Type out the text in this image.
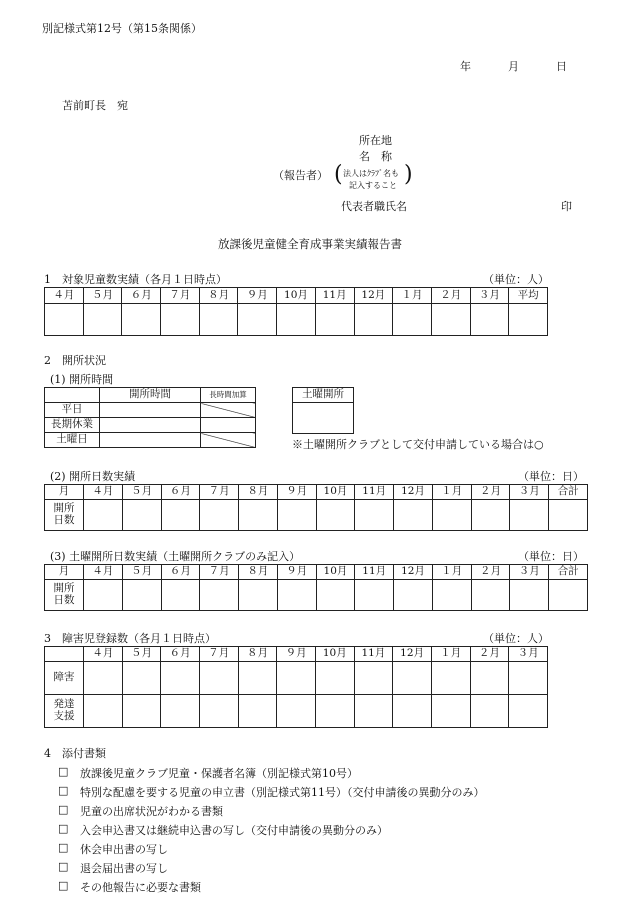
別記様式第12号（第15条関係）
年	月	日
苫前町長　宛
所在地
名　称
（報告者） ( 法人はｸﾗﾌﾞ名も
記入すること )
代表者職氏名	印
放課後児童健全育成事業実績報告書
1　対象児童数実績（各月１日時点）	（単位：人）
４月	５月	６月	７月	８月	９月	10月	11月	12月	１月	２月	３月	平均

2　開所状況
(1) 開所時間
	開所時間	長時間加算
平日		
長期休業		
土曜日		
土曜開所

※土曜開所クラブとして交付申請している場合は○
(2) 開所日数実績	（単位：日）
月	４月	５月	６月	７月	８月	９月	10月	11月	12月	１月	２月	３月	合計
開所
日数													
(3) 土曜開所日数実績（土曜開所クラブのみ記入）	（単位：日）
月	４月	５月	６月	７月	８月	９月	10月	11月	12月	１月	２月	３月	合計
開所
日数													
3　障害児登録数（各月１日時点）	（単位：人）
	４月	５月	６月	７月	８月	９月	10月	11月	12月	１月	２月	３月
障害												
発達
支援												
4　添付書類
□ 放課後児童クラブ児童・保護者名簿（別記様式第10号）
□ 特別な配慮を要する児童の申立書（別記様式第11号）（交付申請後の異動分のみ）
□ 児童の出席状況がわかる書類
□ 入会申込書又は継続申込書の写し（交付申請後の異動分のみ）
□ 休会申出書の写し
□ 退会届出書の写し
□ その他報告に必要な書類
